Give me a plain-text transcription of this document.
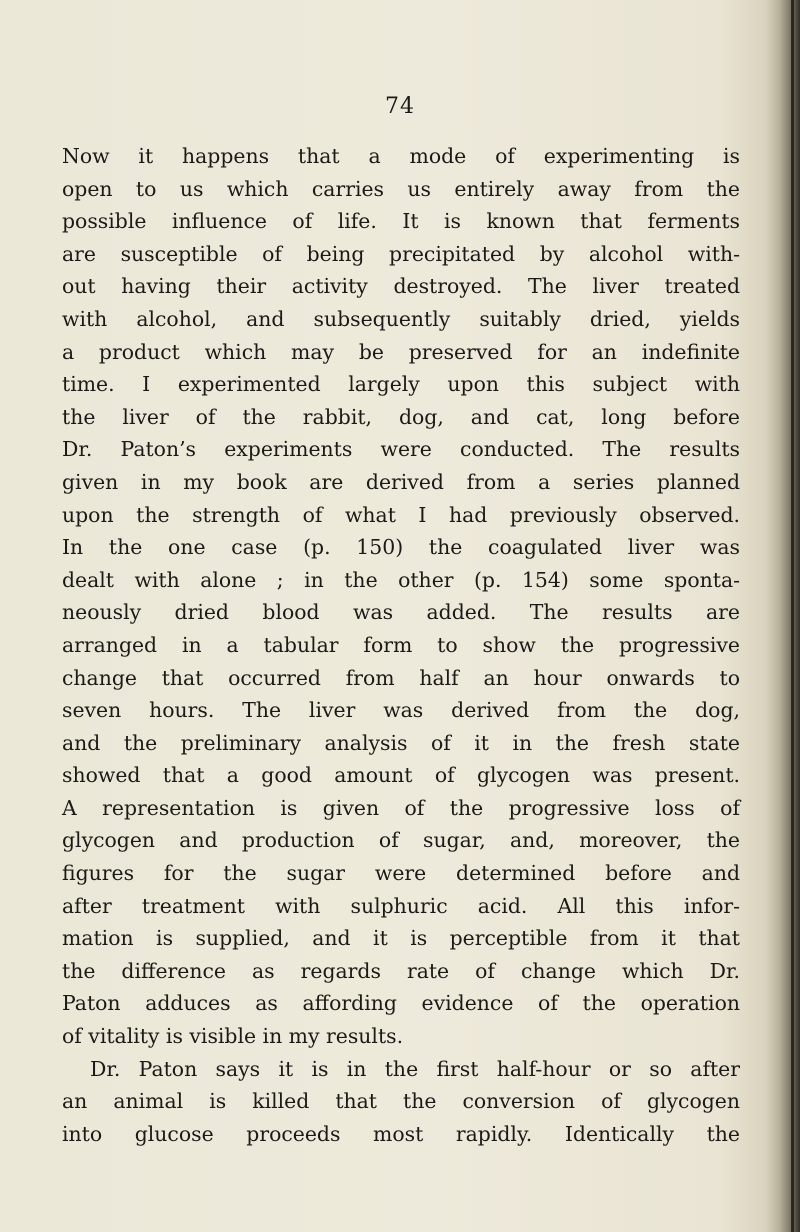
74

Now it happens that a mode of experimenting is
open to us which carries us entirely away from the
possible influence of life. It is known that ferments
are susceptible of being precipitated by alcohol with-
out having their activity destroyed. The liver treated
with alcohol, and subsequently suitably dried, yields
a product which may be preserved for an indefinite
time. I experimented largely upon this subject with
the liver of the rabbit, dog, and cat, long before
Dr. Paton’s experiments were conducted. The results
given in my book are derived from a series planned
upon the strength of what I had previously observed.
In the one case (p. 150) the coagulated liver was
dealt with alone ; in the other (p. 154) some sponta-
neously dried blood was added. The results are
arranged in a tabular form to show the progressive
change that occurred from half an hour onwards to
seven hours. The liver was derived from the dog,
and the preliminary analysis of it in the fresh state
showed that a good amount of glycogen was present.
A representation is given of the progressive loss of
glycogen and production of sugar, and, moreover, the
figures for the sugar were determined before and
after treatment with sulphuric acid. All this infor-
mation is supplied, and it is perceptible from it that
the difference as regards rate of change which Dr.
Paton adduces as affording evidence of the operation
of vitality is visible in my results.
Dr. Paton says it is in the first half-hour or so after
an animal is killed that the conversion of glycogen
into glucose proceeds most rapidly. Identically the
